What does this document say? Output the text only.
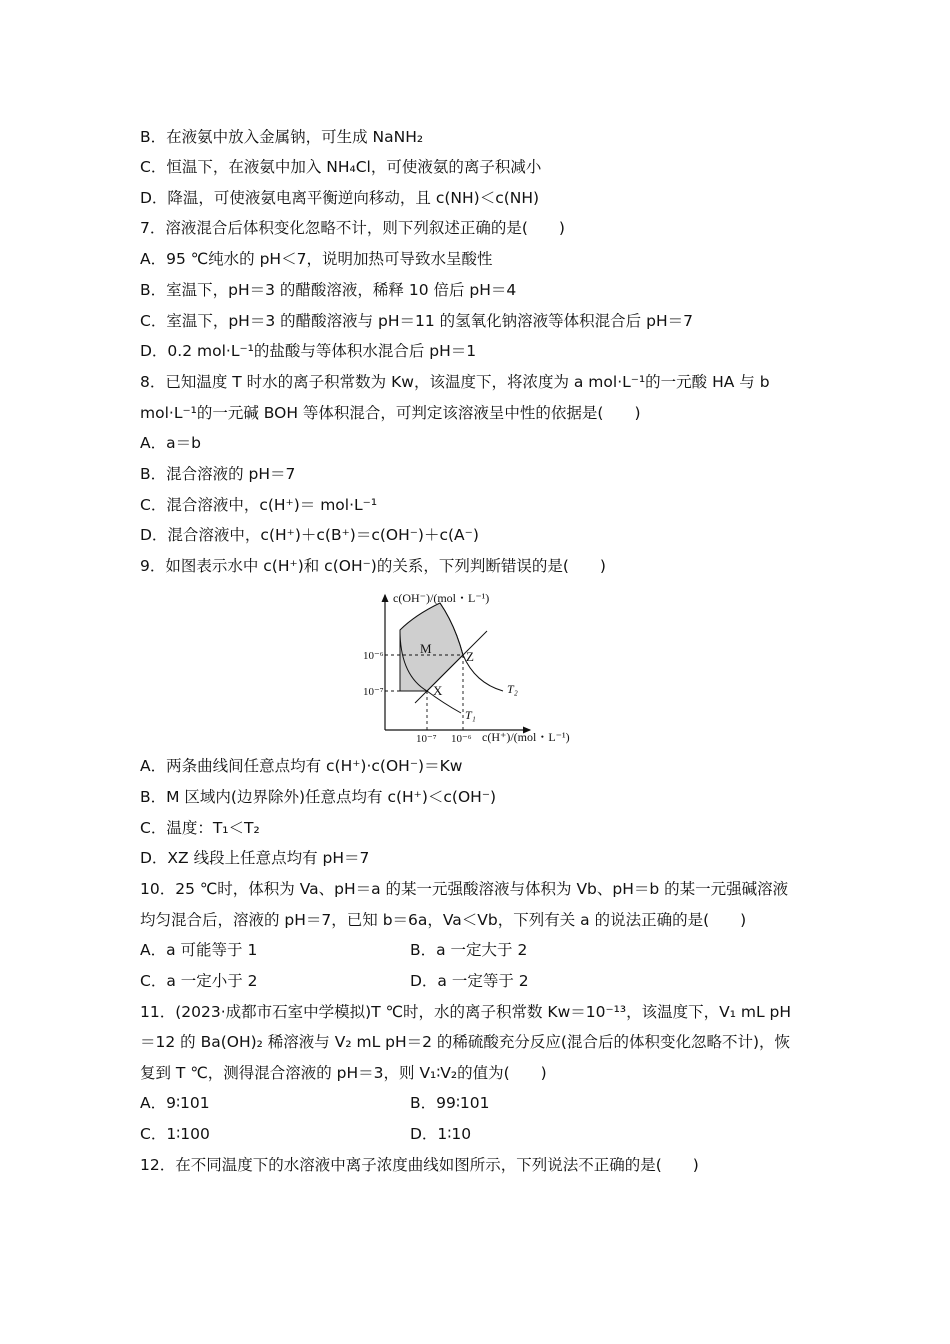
B．在液氨中放入金属钠，可生成 NaNH₂
C．恒温下，在液氨中加入 NH₄Cl，可使液氨的离子积减小
D．降温，可使液氨电离平衡逆向移动，且 c(NH)＜c(NH)
7．溶液混合后体积变化忽略不计，则下列叙述正确的是(　　)
A．95 ℃纯水的 pH＜7，说明加热可导致水呈酸性
B．室温下，pH＝3 的醋酸溶液，稀释 10 倍后 pH＝4
C．室温下，pH＝3 的醋酸溶液与 pH＝11 的氢氧化钠溶液等体积混合后 pH＝7
D．0.2 mol·L⁻¹的盐酸与等体积水混合后 pH＝1
8．已知温度 T 时水的离子积常数为 Kw，该温度下，将浓度为 a mol·L⁻¹的一元酸 HA 与 b
mol·L⁻¹的一元碱 BOH 等体积混合，可判定该溶液呈中性的依据是(　　)
A．a＝b
B．混合溶液的 pH＝7
C．混合溶液中，c(H⁺)＝ mol·L⁻¹
D．混合溶液中，c(H⁺)＋c(B⁺)＝c(OH⁻)＋c(A⁻)
9．如图表示水中 c(H⁺)和 c(OH⁻)的关系，下列判断错误的是(　　)
c(OH⁻)/(mol・L⁻¹)
c(H⁺)/(mol・L⁻¹)
10⁻⁶
10⁻⁷
10⁻⁷ 10⁻⁶
M
Z
X	T₂
T₁
A．两条曲线间任意点均有 c(H⁺)·c(OH⁻)＝Kw
B．M 区域内(边界除外)任意点均有 c(H⁺)＜c(OH⁻)
C．温度：T₁＜T₂
D．XZ 线段上任意点均有 pH＝7
10．25 ℃时，体积为 Va、pH＝a 的某一元强酸溶液与体积为 Vb、pH＝b 的某一元强碱溶液
均匀混合后，溶液的 pH＝7，已知 b＝6a，Va＜Vb，下列有关 a 的说法正确的是(　　)
A．a 可能等于 1	B．a 一定大于 2
C．a 一定小于 2	D．a 一定等于 2
11．(2023·成都市石室中学模拟)T ℃时，水的离子积常数 Kw＝10⁻¹³，该温度下，V₁ mL pH
＝12 的 Ba(OH)₂ 稀溶液与 V₂ mL pH＝2 的稀硫酸充分反应(混合后的体积变化忽略不计)，恢
复到 T ℃，测得混合溶液的 pH＝3，则 V₁∶V₂的值为(　　)
A．9∶101	B．99∶101
C．1∶100	D．1∶10
12．在不同温度下的水溶液中离子浓度曲线如图所示，下列说法不正确的是(　　)
